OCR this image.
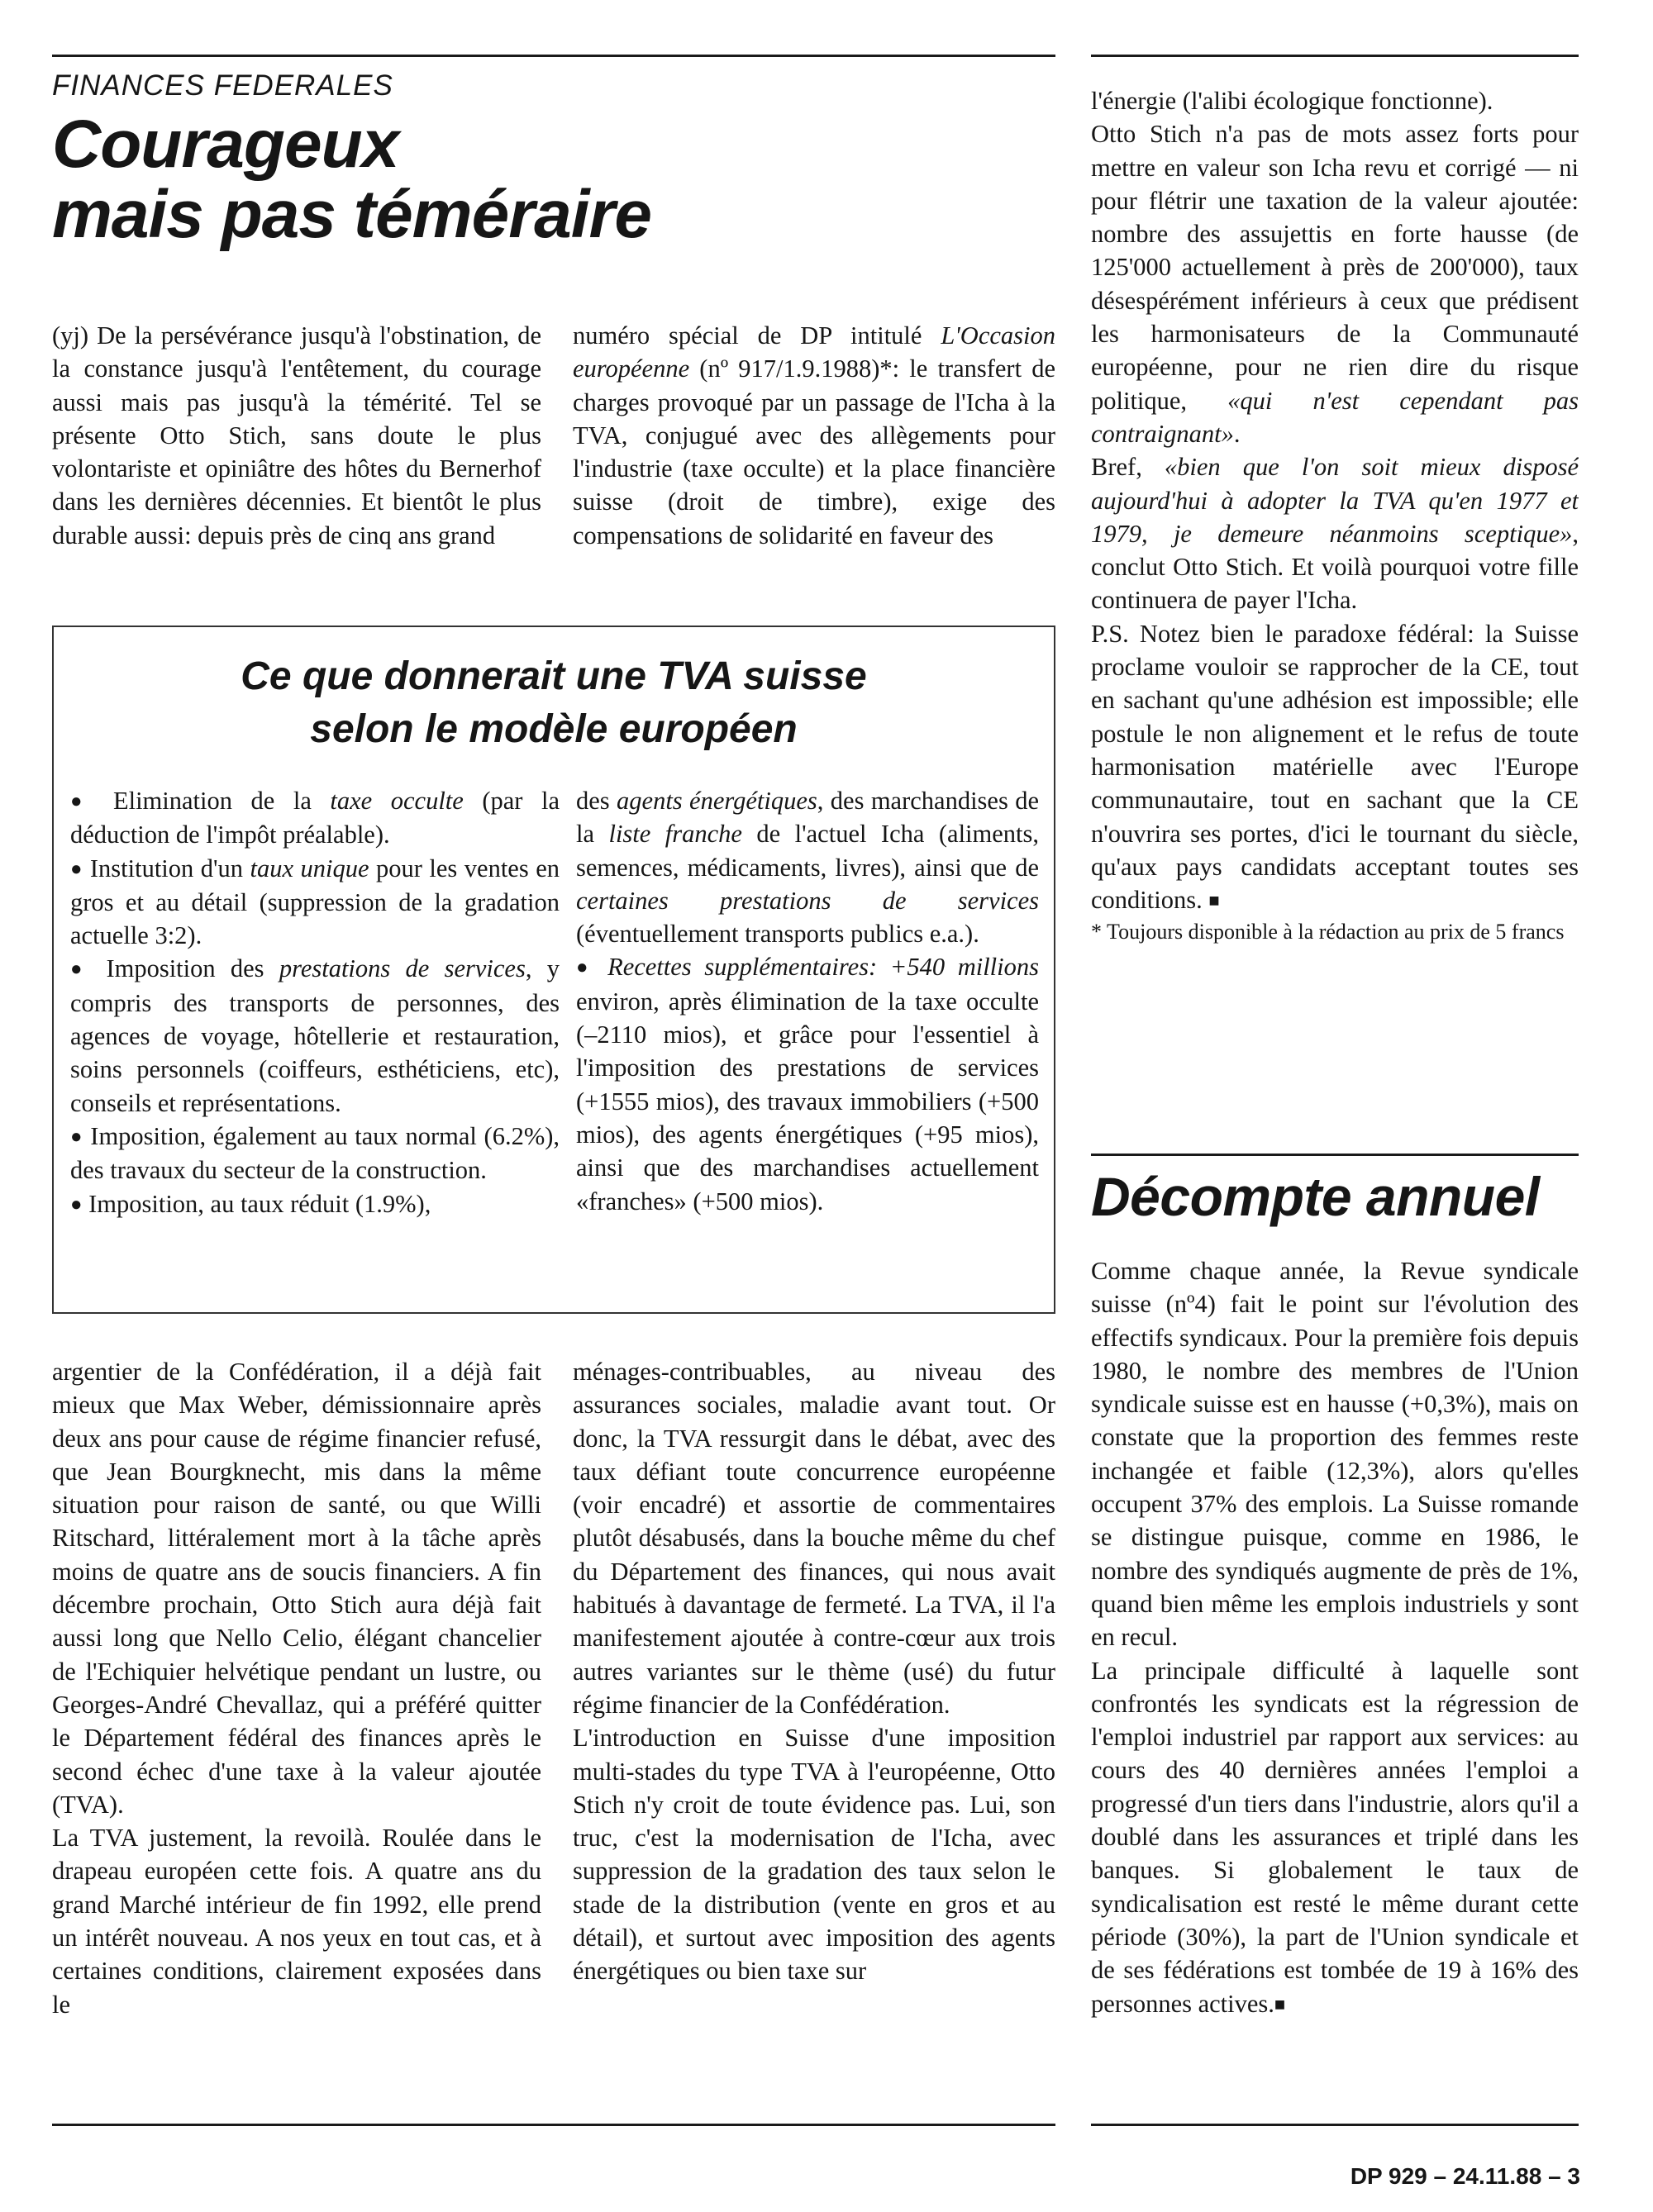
FINANCES FEDERALES
Courageux
mais pas téméraire

(yj) De la persévérance jusqu'à l'obstination, de la constance jusqu'à l'entêtement, du courage aussi mais pas jusqu'à la témérité. Tel se présente Otto Stich, sans doute le plus volontariste et opiniâtre des hôtes du Bernerhof dans les dernières décennies. Et bientôt le plus durable aussi: depuis près de cinq ans grand

numéro spécial de DP intitulé L'Occasion européenne (nº 917/1.9.1988)*: le transfert de charges provoqué par un passage de l'Icha à la TVA, conjugué avec des allègements pour l'industrie (taxe occulte) et la place financière suisse (droit de timbre), exige des compensations de solidarité en faveur des

Ce que donnerait une TVA suisse
selon le modèle européen

● Elimination de la taxe occulte (par la déduction de l'impôt préalable).

● Institution d'un taux unique pour les ventes en gros et au détail (suppression de la gradation actuelle 3:2).

● Imposition des prestations de services, y compris des transports de personnes, des agences de voyage, hôtellerie et restauration, soins personnels (coiffeurs, esthéticiens, etc), conseils et représentations.

● Imposition, également au taux normal (6.2%), des travaux du secteur de la construction.

● Imposition, au taux réduit (1.9%),

des agents énergétiques, des marchandises de la liste franche de l'actuel Icha (aliments, semences, médicaments, livres), ainsi que de certaines prestations de services (éventuellement transports publics e.a.).

● Recettes supplémentaires: +540 millions environ, après élimination de la taxe occulte (–2110 mios), et grâce pour l'essentiel à l'imposition des prestations de services (+1555 mios), des travaux immobiliers (+500 mios), des agents énergétiques (+95 mios), ainsi que des marchandises actuellement «franches» (+500 mios).

argentier de la Confédération, il a déjà fait mieux que Max Weber, démissionnaire après deux ans pour cause de régime financier refusé, que Jean Bourgknecht, mis dans la même situation pour raison de santé, ou que Willi Ritschard, littéralement mort à la tâche après moins de quatre ans de soucis financiers. A fin décembre prochain, Otto Stich aura déjà fait aussi long que Nello Celio, élégant chancelier de l'Echiquier helvétique pendant un lustre, ou Georges-André Chevallaz, qui a préféré quitter le Département fédéral des finances après le second échec d'une taxe à la valeur ajoutée (TVA).

La TVA justement, la revoilà. Roulée dans le drapeau européen cette fois. A quatre ans du grand Marché intérieur de fin 1992, elle prend un intérêt nouveau. A nos yeux en tout cas, et à certaines conditions, clairement exposées dans le

ménages-contribuables, au niveau des assurances sociales, maladie avant tout. Or donc, la TVA ressurgit dans le débat, avec des taux défiant toute concurrence européenne (voir encadré) et assortie de commentaires plutôt désabusés, dans la bouche même du chef du Département des finances, qui nous avait habitués à davantage de fermeté. La TVA, il l'a manifestement ajoutée à contre-cœur aux trois autres variantes sur le thème (usé) du futur régime financier de la Confédération.

L'introduction en Suisse d'une imposition multi-stades du type TVA à l'européenne, Otto Stich n'y croit de toute évidence pas. Lui, son truc, c'est la modernisation de l'Icha, avec suppression de la gradation des taux selon le stade de la distribution (vente en gros et au détail), et surtout avec imposition des agents énergétiques ou bien taxe sur

l'énergie (l'alibi écologique fonctionne).

Otto Stich n'a pas de mots assez forts pour mettre en valeur son Icha revu et corrigé — ni pour flétrir une taxation de la valeur ajoutée: nombre des assujettis en forte hausse (de 125'000 actuellement à près de 200'000), taux désespérément inférieurs à ceux que prédisent les harmonisateurs de la Communauté européenne, pour ne rien dire du risque politique, «qui n'est cependant pas contraignant».

Bref, «bien que l'on soit mieux disposé aujourd'hui à adopter la TVA qu'en 1977 et 1979, je demeure néanmoins sceptique», conclut Otto Stich. Et voilà pourquoi votre fille continuera de payer l'Icha.

P.S. Notez bien le paradoxe fédéral: la Suisse proclame vouloir se rapprocher de la CE, tout en sachant qu'une adhésion est impossible; elle postule le non alignement et le refus de toute harmonisation matérielle avec l'Europe communautaire, tout en sachant que la CE n'ouvrira ses portes, d'ici le tournant du siècle, qu'aux pays candidats acceptant toutes ses conditions. ■

* Toujours disponible à la rédaction au prix de 5 francs

Décompte annuel

Comme chaque année, la Revue syndicale suisse (nº4) fait le point sur l'évolution des effectifs syndicaux. Pour la première fois depuis 1980, le nombre des membres de l'Union syndicale suisse est en hausse (+0,3%), mais on constate que la proportion des femmes reste inchangée et faible (12,3%), alors qu'elles occupent 37% des emplois. La Suisse romande se distingue puisque, comme en 1986, le nombre des syndiqués augmente de près de 1%, quand bien même les emplois industriels y sont en recul.

La principale difficulté à laquelle sont confrontés les syndicats est la régression de l'emploi industriel par rapport aux services: au cours des 40 dernières années l'emploi a progressé d'un tiers dans l'industrie, alors qu'il a doublé dans les assurances et triplé dans les banques. Si globalement le taux de syndicalisation est resté le même durant cette période (30%), la part de l'Union syndicale et de ses fédérations est tombée de 19 à 16% des personnes actives.■

DP 929 – 24.11.88 – 3
